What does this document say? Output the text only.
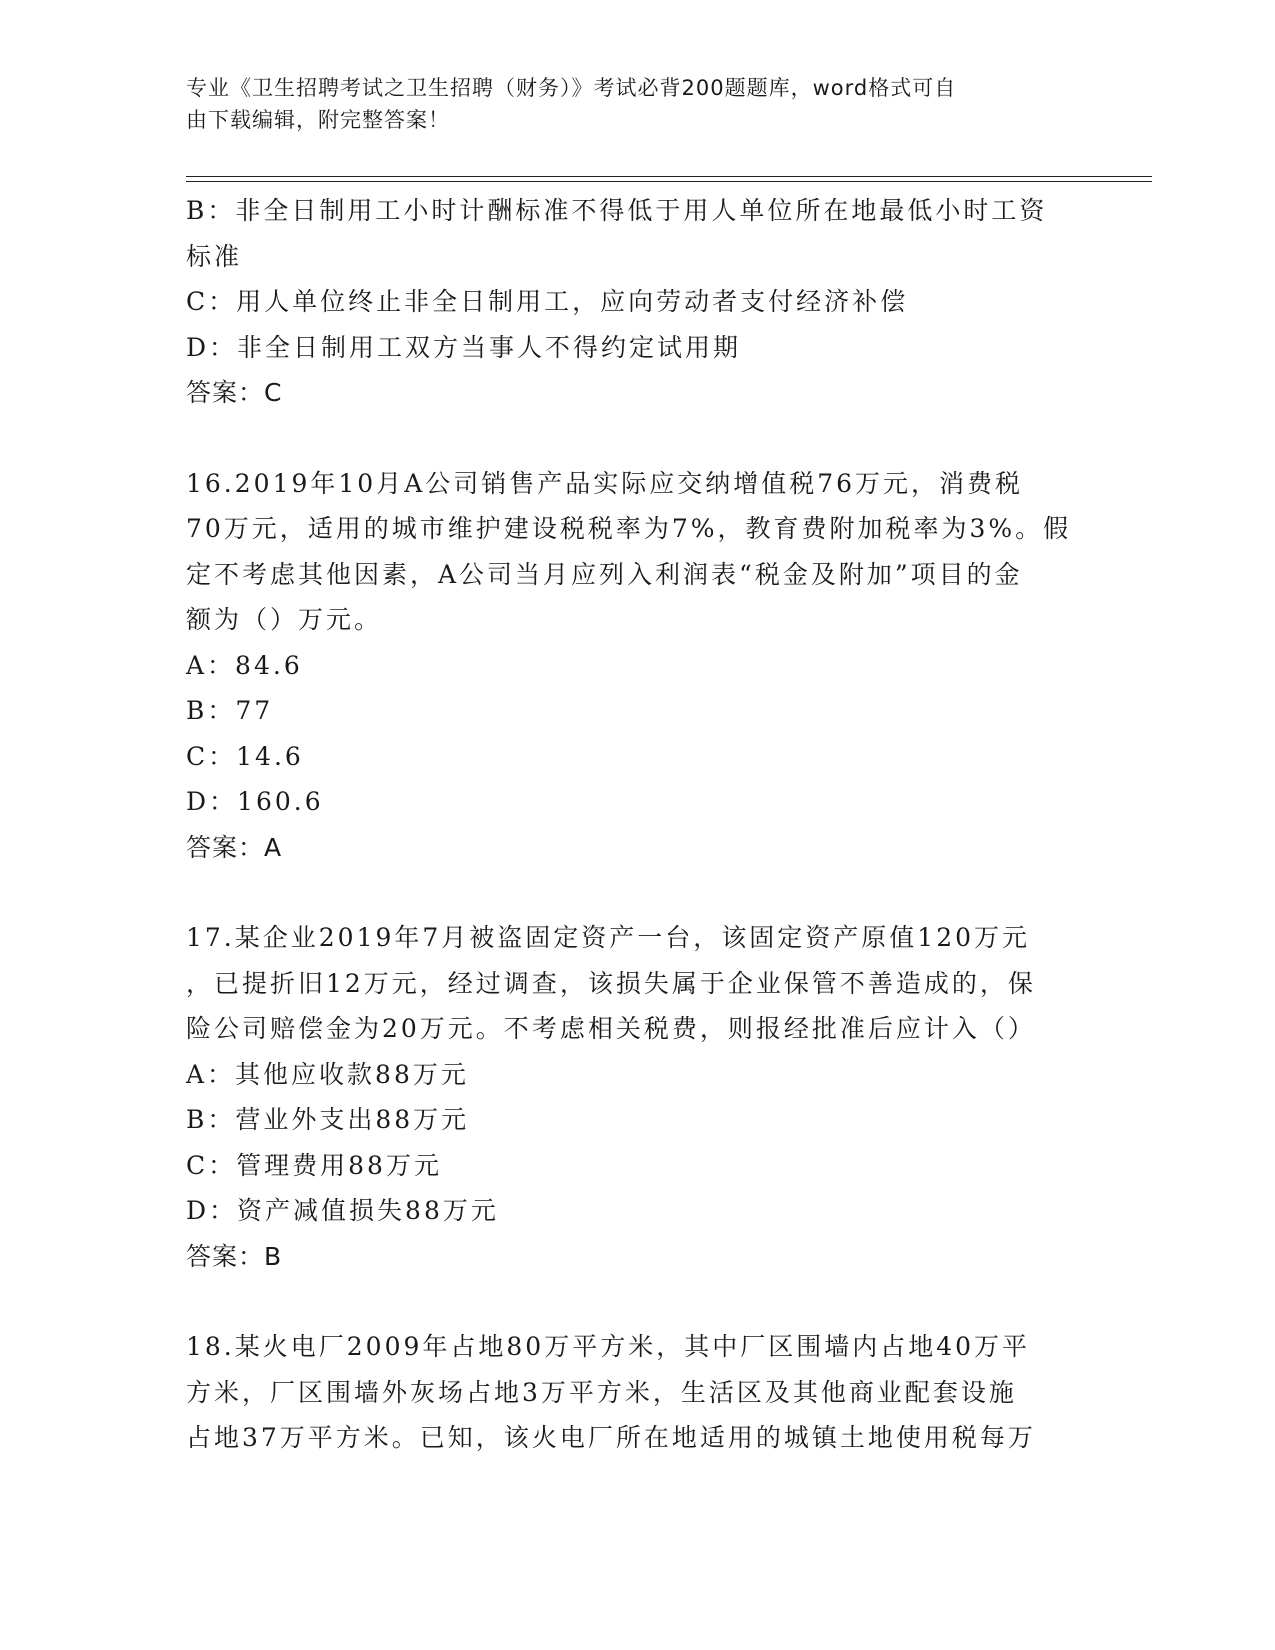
专业《卫生招聘考试之卫生招聘（财务）》考试必背200题题库，word格式可自
由下载编辑，附完整答案！

B：非全日制用工小时计酬标准不得低于用人单位所在地最低小时工资

标准

C：用人单位终止非全日制用工，应向劳动者支付经济补偿

D：非全日制用工双方当事人不得约定试用期

答案：C

16.2019年10月A公司销售产品实际应交纳增值税76万元，消费税

70万元，适用的城市维护建设税税率为7%，教育费附加税率为3%。假

定不考虑其他因素，A公司当月应列入利润表“税金及附加”项目的金

额为（）万元。

A：84.6

B：77

C：14.6

D：160.6

答案：A

17.某企业2019年7月被盗固定资产一台，该固定资产原值120万元

，已提折旧12万元，经过调查，该损失属于企业保管不善造成的，保

险公司赔偿金为20万元。不考虑相关税费，则报经批准后应计入（）

A：其他应收款88万元

B：营业外支出88万元

C：管理费用88万元

D：资产减值损失88万元

答案：B

18.某火电厂2009年占地80万平方米，其中厂区围墙内占地40万平

方米，厂区围墙外灰场占地3万平方米，生活区及其他商业配套设施

占地37万平方米。已知，该火电厂所在地适用的城镇土地使用税每万
